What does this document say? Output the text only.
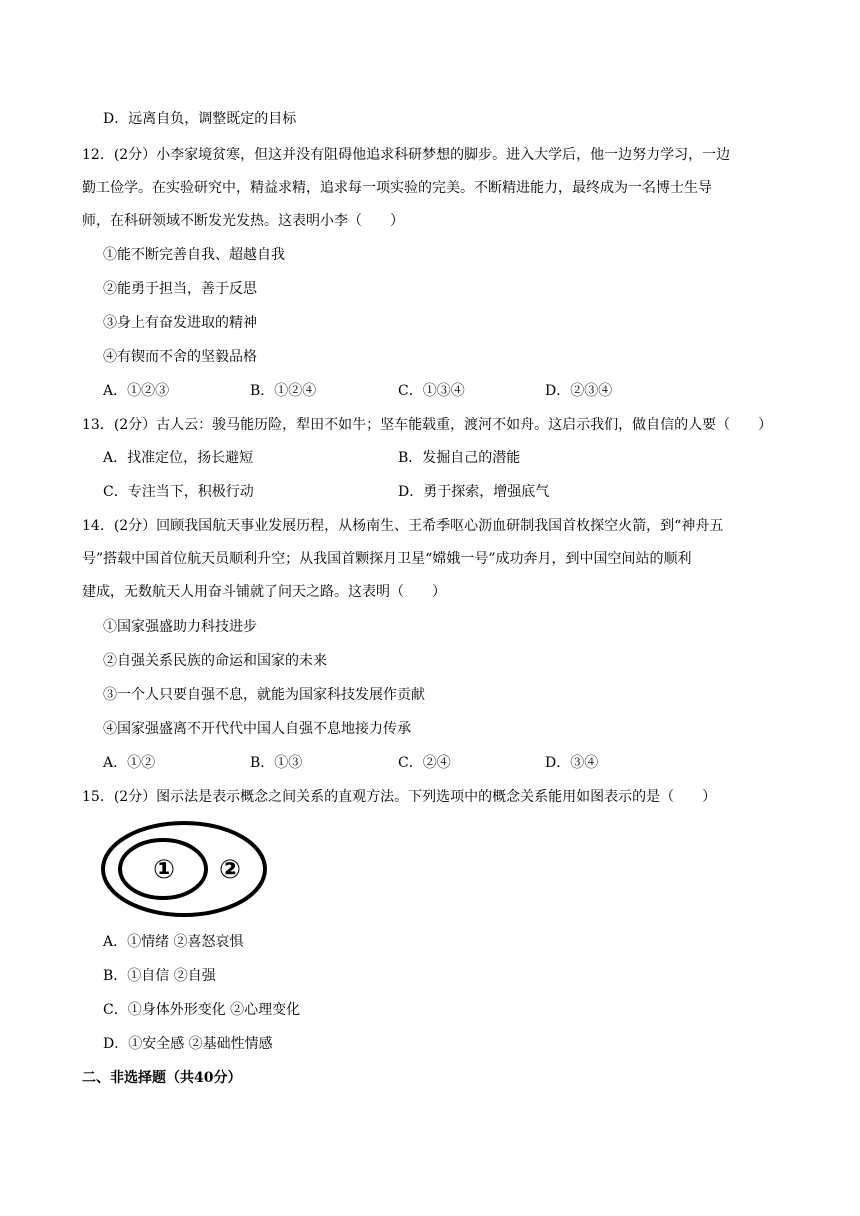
D．远离自负，调整既定的目标
12．(2分）小李家境贫寒，但这并没有阻碍他追求科研梦想的脚步。进入大学后，他一边努力学习，一边
勤工俭学。在实验研究中，精益求精，追求每一项实验的完美。不断精进能力，最终成为一名博士生导
师，在科研领域不断发光发热。这表明小李（　　）
①能不断完善自我、超越自我
②能勇于担当，善于反思
③身上有奋发进取的精神
④有锲而不舍的坚毅品格
A．①②③	B．①②④	C．①③④	D．②③④
13．(2分）古人云：骏马能历险，犁田不如牛；坚车能载重，渡河不如舟。这启示我们，做自信的人要（　　）
A．找准定位，扬长避短	B．发掘自己的潜能
C．专注当下，积极行动	D．勇于探索，增强底气
14．(2分）回顾我国航天事业发展历程，从杨南生、王希季呕心沥血研制我国首枚探空火箭，到“神舟五
号”搭载中国首位航天员顺利升空；从我国首颗探月卫星“嫦娥一号”成功奔月，到中国空间站的顺利
建成，无数航天人用奋斗铺就了问天之路。这表明（　　）
①国家强盛助力科技进步
②自强关系民族的命运和国家的未来
③一个人只要自强不息，就能为国家科技发展作贡献
④国家强盛离不开代代中国人自强不息地接力传承
A．①②	B．①③	C．②④	D．③④
15．(2分）图示法是表示概念之间关系的直观方法。下列选项中的概念关系能用如图表示的是（　　）
① ②
A．①情绪 ②喜怒哀惧
B．①自信 ②自强
C．①身体外形变化 ②心理变化
D．①安全感 ②基础性情感
二、非选择题（共40分）
